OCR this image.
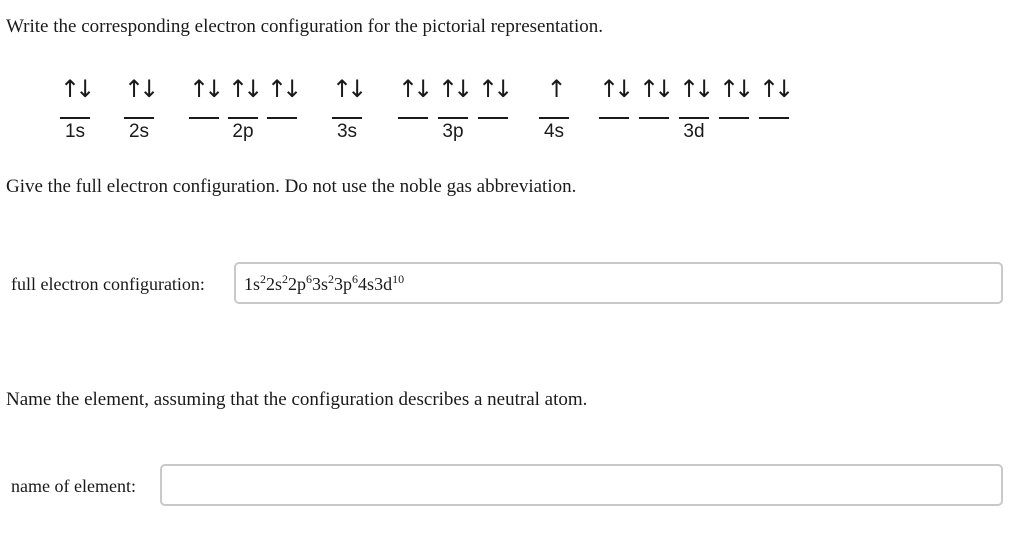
Write the corresponding electron configuration for the pictorial representation.
↑↓
1s
↑↓
2s
↑↓ ↑↓ ↑↓
2p
↑↓
3s
↑↓ ↑↓ ↑↓
3p
↑
4s
↑↓ ↑↓ ↑↓ ↑↓ ↑↓
3d
Give the full electron configuration. Do not use the noble gas abbreviation.
full electron configuration: $1s^22s^22p^63s^23p^64s3d^{10}$
Name the element, assuming that the configuration describes a neutral atom.
name of element:
